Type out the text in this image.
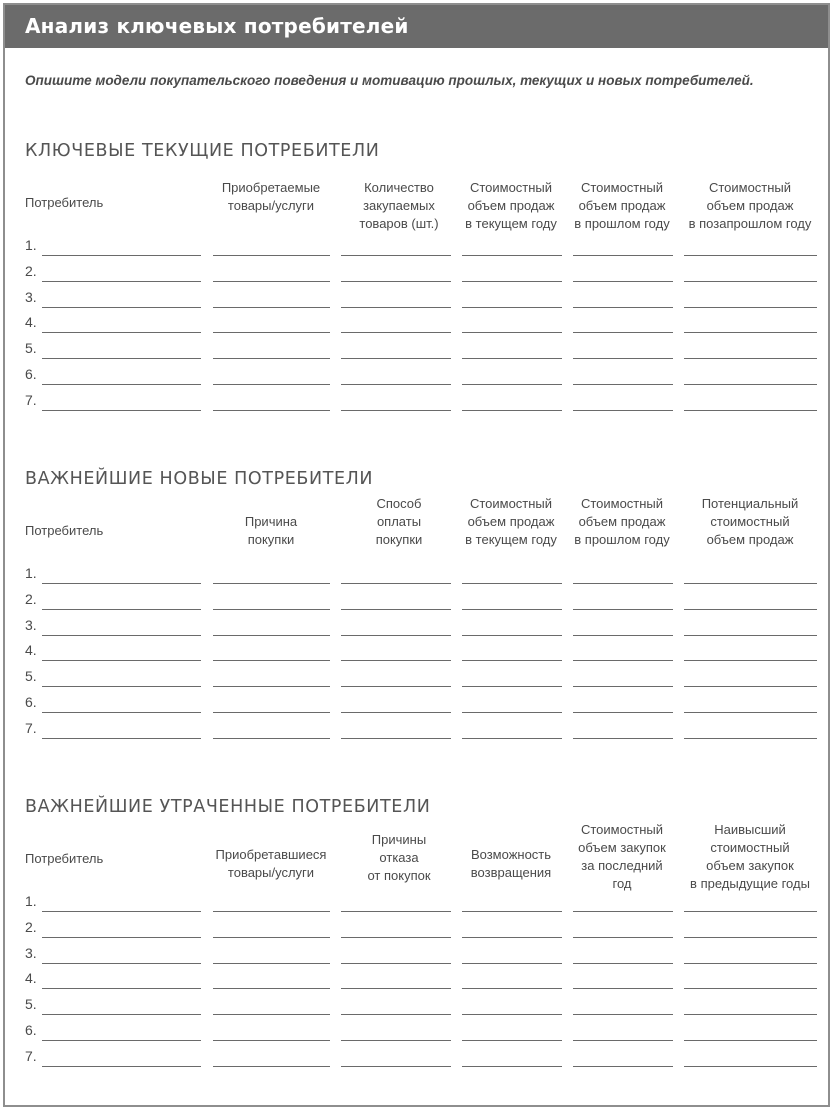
Анализ ключевых потребителей
Опишите модели покупательского поведения и мотивацию прошлых, текущих и новых потребителей.
КЛЮЧЕВЫЕ ТЕКУЩИЕ ПОТРЕБИТЕЛИ
Потребитель
Приобретаемые
товары/услуги
Количество
закупаемых
товаров (шт.)
Стоимостный
объем продаж
в текущем году
Стоимостный
объем продаж
в прошлом году
Стоимостный
объем продаж
в позапрошлом году
1.
2.
3.
4.
5.
6.
7.
ВАЖНЕЙШИЕ НОВЫЕ ПОТРЕБИТЕЛИ
Потребитель
Причина
покупки
Способ
оплаты
покупки
Стоимостный
объем продаж
в текущем году
Стоимостный
объем продаж
в прошлом году
Потенциальный
стоимостный
объем продаж
1.
2.
3.
4.
5.
6.
7.
ВАЖНЕЙШИЕ УТРАЧЕННЫЕ ПОТРЕБИТЕЛИ
Потребитель	Приобретавшиеся
товары/услуги
Причины
отказа
от покупок
Возможность
возвращения
Стоимостный
объем закупок
за последний
год
Наивысший
стоимостный
объем закупок
в предыдущие годы
1.
2.
3.
4.
5.
6.
7.
